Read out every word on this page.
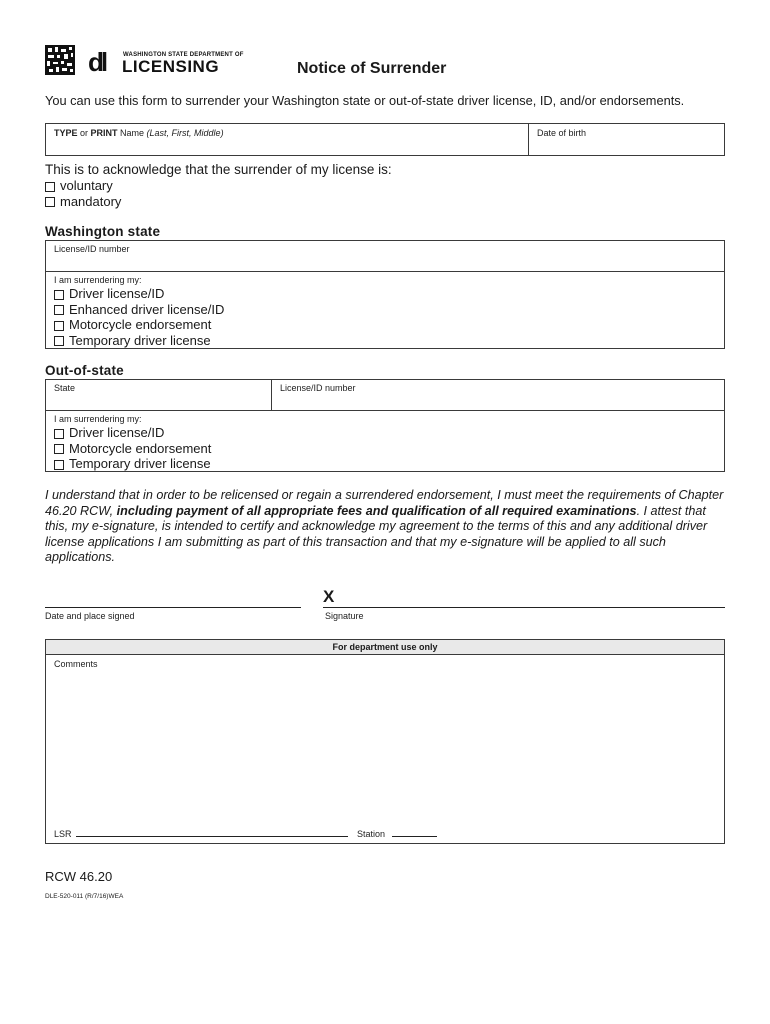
dl	WASHINGTON STATE DEPARTMENT OF
LICENSING	Notice of Surrender
You can use this form to surrender your Washington state or out-of-state driver license, ID, and/or endorsements.
TYPE or PRINT Name (Last, First, Middle)	Date of birth
This is to acknowledge that the surrender of my license is:
voluntary
mandatory
Washington state
License/ID number
I am surrendering my:
Driver license/ID
Enhanced driver license/ID
Motorcycle endorsement
Temporary driver license
Out-of-state
State	License/ID number
I am surrendering my:
Driver license/ID
Motorcycle endorsement
Temporary driver license
I understand that in order to be relicensed or regain a surrendered endorsement, I must meet the requirements of Chapter 46.20 RCW, including payment of all appropriate fees and qualification of all required examinations. I attest that this, my e-signature, is intended to certify and acknowledge my agreement to the terms of this and any additional driver license applications I am submitting as part of this transaction and that my e-signature will be applied to all such applications.
Date and place signed
X
Signature
For department use only
Comments
LSR	Station
RCW 46.20
DLE-520-011 (R/7/16)WEA
